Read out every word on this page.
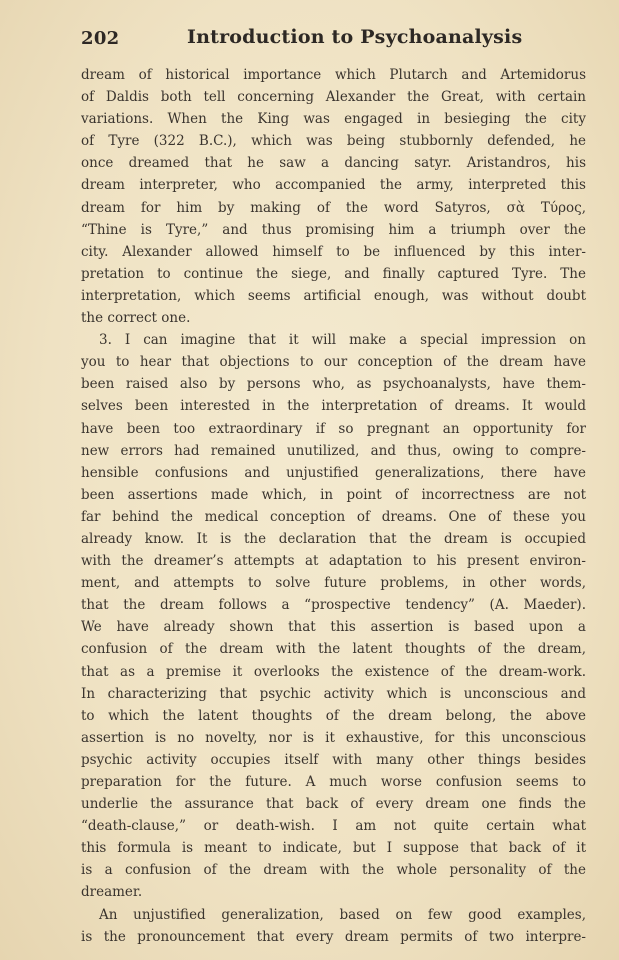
202	Introduction to Psychoanalysis
dream of historical importance which Plutarch and Artemidorus
of Daldis both tell concerning Alexander the Great, with certain
variations. When the King was engaged in besieging the city
of Tyre (322 B.C.), which was being stubbornly defended, he
once dreamed that he saw a dancing satyr. Aristandros, his
dream interpreter, who accompanied the army, interpreted this
dream for him by making of the word Satyros, σὰ Τύρος,
“Thine is Tyre,” and thus promising him a triumph over the
city. Alexander allowed himself to be influenced by this inter-
pretation to continue the siege, and finally captured Tyre. The
interpretation, which seems artificial enough, was without doubt
the correct one.
3. I can imagine that it will make a special impression on
you to hear that objections to our conception of the dream have
been raised also by persons who, as psychoanalysts, have them-
selves been interested in the interpretation of dreams. It would
have been too extraordinary if so pregnant an opportunity for
new errors had remained unutilized, and thus, owing to compre-
hensible confusions and unjustified generalizations, there have
been assertions made which, in point of incorrectness are not
far behind the medical conception of dreams. One of these you
already know. It is the declaration that the dream is occupied
with the dreamer’s attempts at adaptation to his present environ-
ment, and attempts to solve future problems, in other words,
that the dream follows a “prospective tendency” (A. Maeder).
We have already shown that this assertion is based upon a
confusion of the dream with the latent thoughts of the dream,
that as a premise it overlooks the existence of the dream-work.
In characterizing that psychic activity which is unconscious and
to which the latent thoughts of the dream belong, the above
assertion is no novelty, nor is it exhaustive, for this unconscious
psychic activity occupies itself with many other things besides
preparation for the future. A much worse confusion seems to
underlie the assurance that back of every dream one finds the
“death-clause,” or death-wish. I am not quite certain what
this formula is meant to indicate, but I suppose that back of it
is a confusion of the dream with the whole personality of the
dreamer.
An unjustified generalization, based on few good examples,
is the pronouncement that every dream permits of two interpre-
